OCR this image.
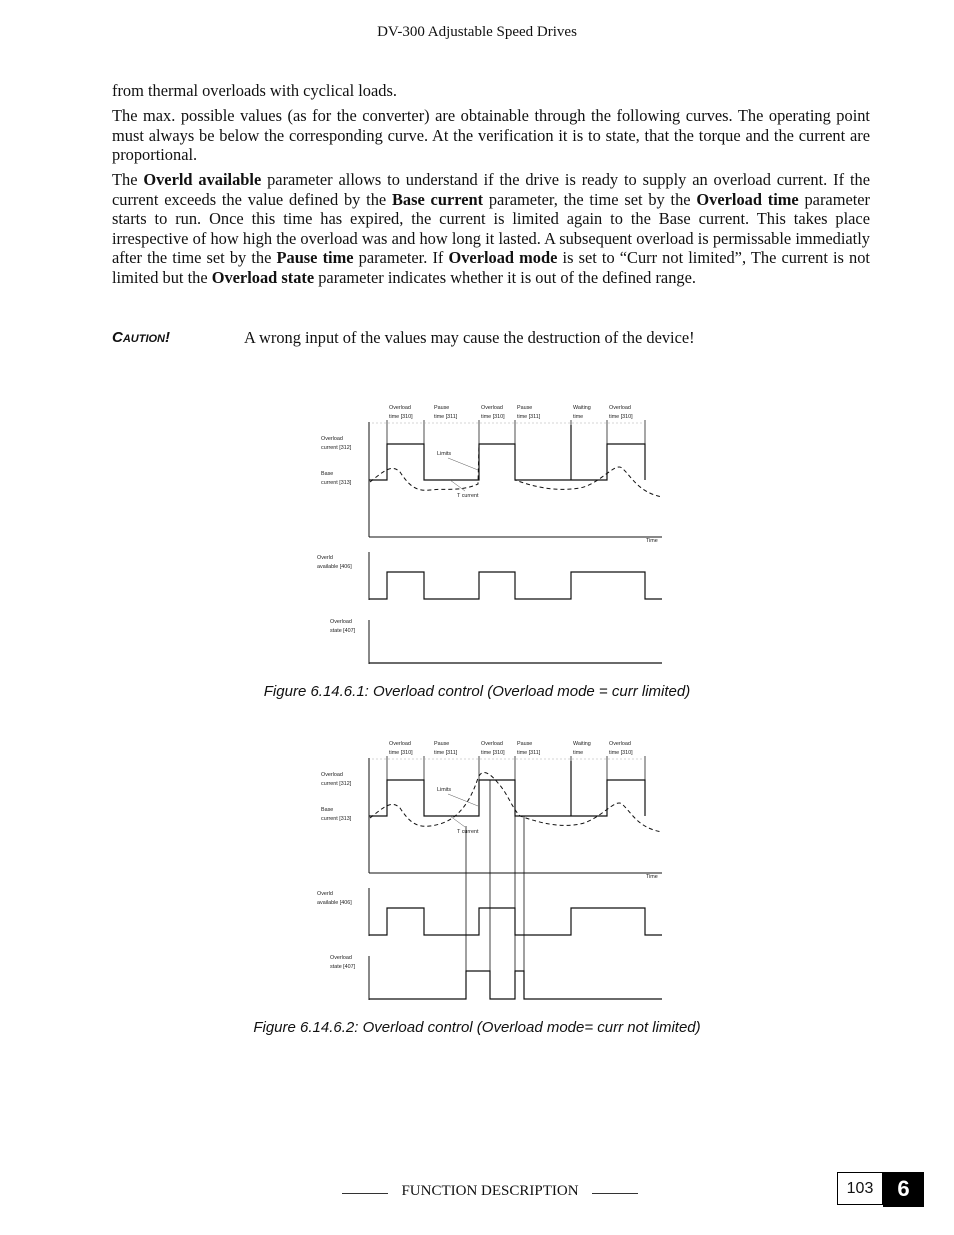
DV-300 Adjustable Speed Drives

from thermal overloads with cyclical loads.

The max. possible values (as for the converter) are obtainable through the following curves. The operating point must always be below the corresponding curve. At the verification it is to state, that the torque and the current are proportional.

The Overld available parameter allows to understand if the drive is ready to supply an overload current. If the current exceeds the value defined by the Base current parameter, the time set by the Overload time parameter starts to run. Once this time has expired, the current is limited again to the Base current. This takes place irrespective of how high the overload was and how long it lasted. A subsequent overload is permissable immediatly after the time set by the Pause time parameter. If Overload mode is set to “Curr not limited”, The current is not limited but the Overload state parameter indicates whether it is out of the defined range.

Caution!	A wrong input of the values may cause the destruction of the device!
Overload
time [310]
Pause
time [311]
Overload
time [310]
Pause
time [311]
Waiting
time
Overload
time [310]
Overload
current [312]
Base
current [313]
Time
Limits
T current
Overld
available [406]
Overload
state [407]
Figure 6.14.6.1: Overload control (Overload mode = curr limited)
Overload
time [310]
Pause
time [311]
Overload
time [310]
Pause
time [311]
Waiting
time
Overload
time [310]
Overload
current [312]
Base
current [313]
Time
Limits
T current
Overld
available [406]
Overload
state [407]
Figure 6.14.6.2: Overload control (Overload mode= curr not limited)
FUNCTION DESCRIPTION	103	6
